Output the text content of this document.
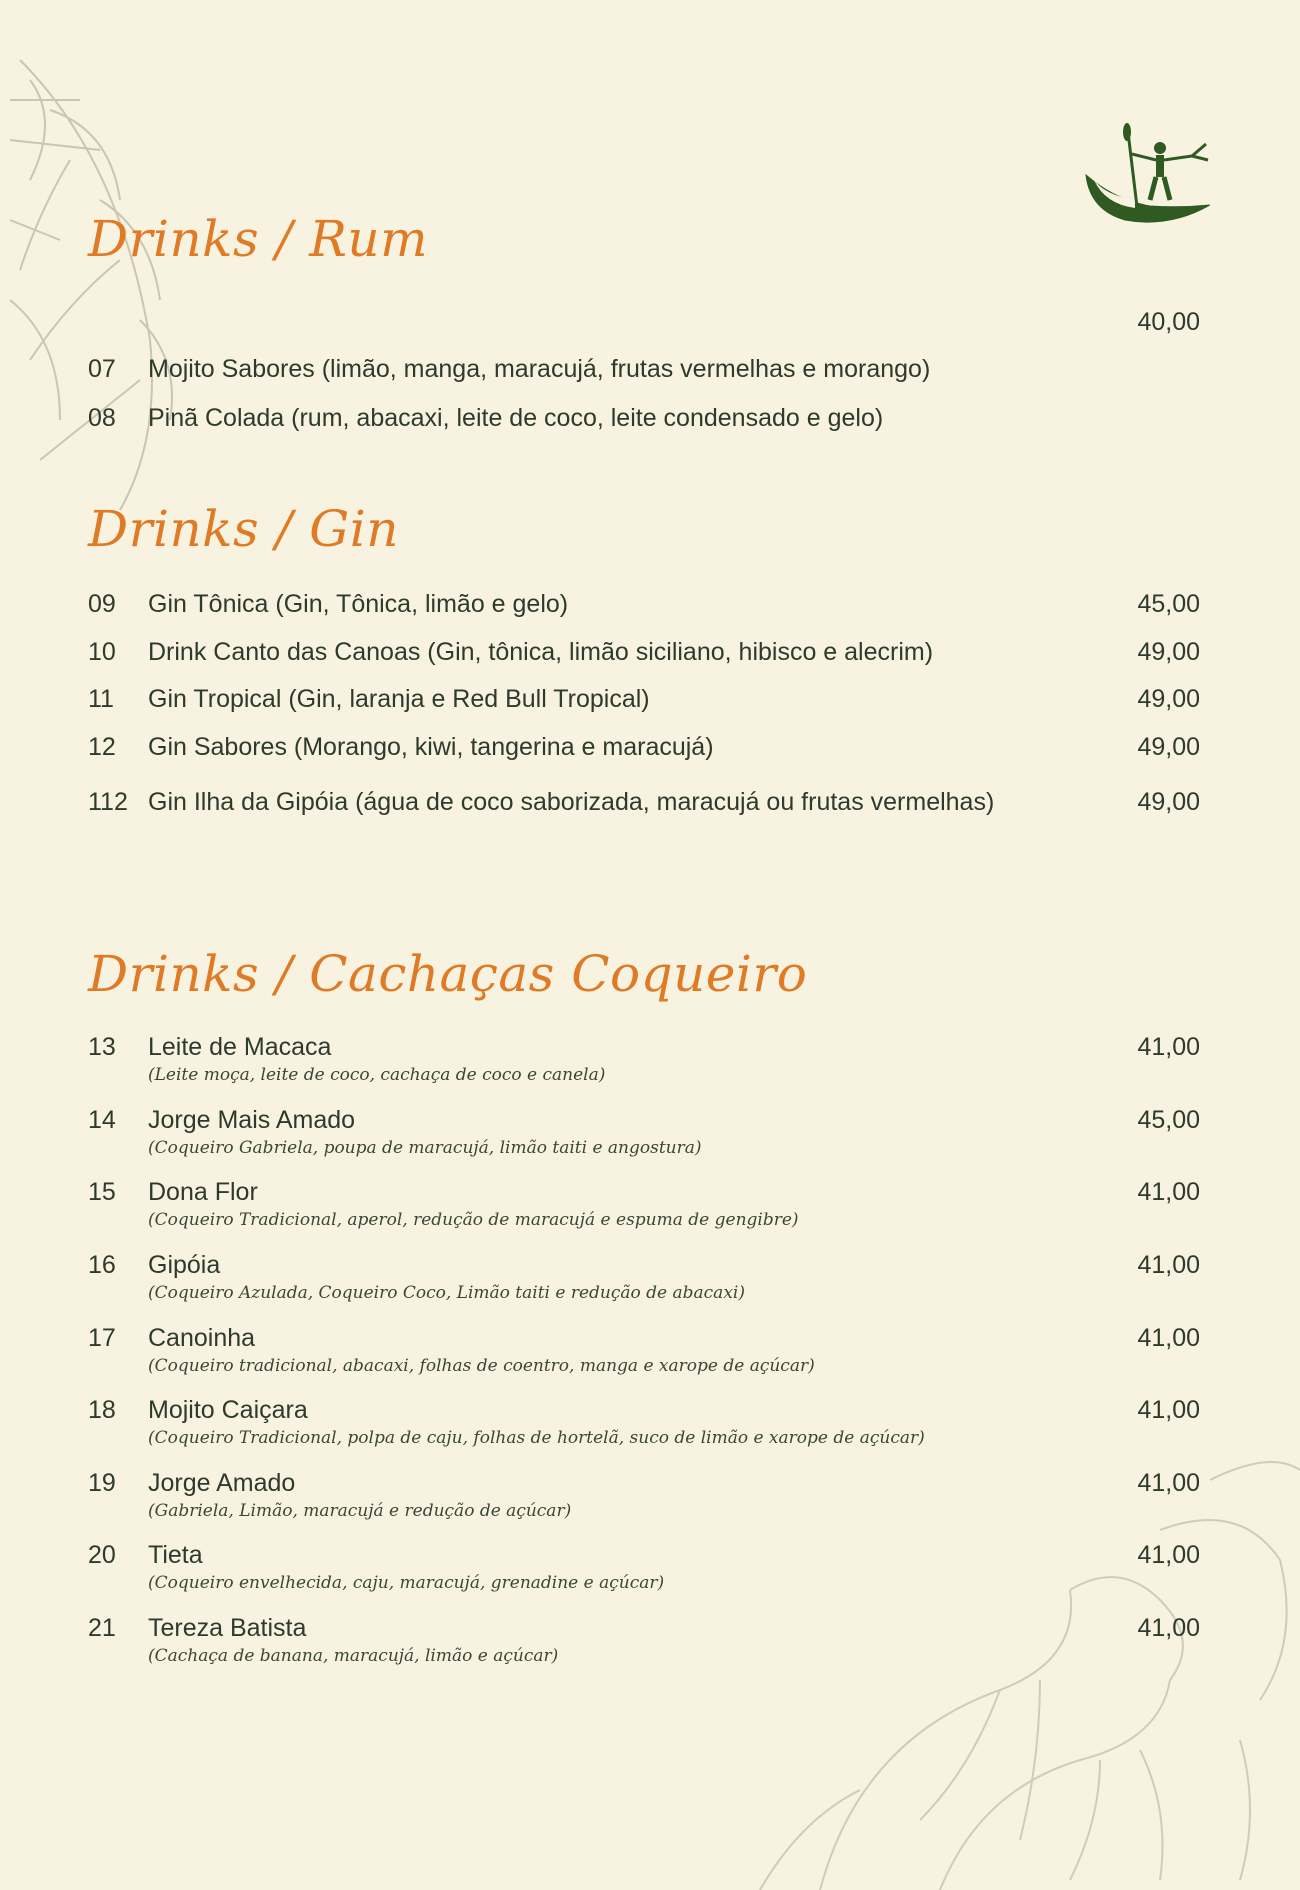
Drinks / Rum
40,00
07 Mojito Sabores (limão, manga, maracujá, frutas vermelhas e morango)
08 Pinã Colada (rum, abacaxi, leite de coco, leite condensado e gelo)
Drinks / Gin
09 Gin Tônica (Gin, Tônica, limão e gelo)	45,00
10 Drink Canto das Canoas (Gin, tônica, limão siciliano, hibisco e alecrim)	49,00
11 Gin Tropical (Gin, laranja e Red Bull Tropical)	49,00
12 Gin Sabores (Morango, kiwi, tangerina e maracujá)	49,00
112 Gin Ilha da Gipóia (água de coco saborizada, maracujá ou frutas vermelhas)	49,00
Drinks / Cachaças Coqueiro
13 Leite de Macaca	41,00
(Leite moça, leite de coco, cachaça de coco e canela)
14 Jorge Mais Amado	45,00
(Coqueiro Gabriela, poupa de maracujá, limão taiti e angostura)
15 Dona Flor	41,00
(Coqueiro Tradicional, aperol, redução de maracujá e espuma de gengibre)
16 Gipóia	41,00
(Coqueiro Azulada, Coqueiro Coco, Limão taiti e redução de abacaxi)
17 Canoinha	41,00
(Coqueiro tradicional, abacaxi, folhas de coentro, manga e xarope de açúcar)
18 Mojito Caiçara	41,00
(Coqueiro Tradicional, polpa de caju, folhas de hortelã, suco de limão e xarope de açúcar)
19 Jorge Amado	41,00
(Gabriela, Limão, maracujá e redução de açúcar)
20 Tieta	41,00
(Coqueiro envelhecida, caju, maracujá, grenadine e açúcar)
21 Tereza Batista	41,00
(Cachaça de banana, maracujá, limão e açúcar)
